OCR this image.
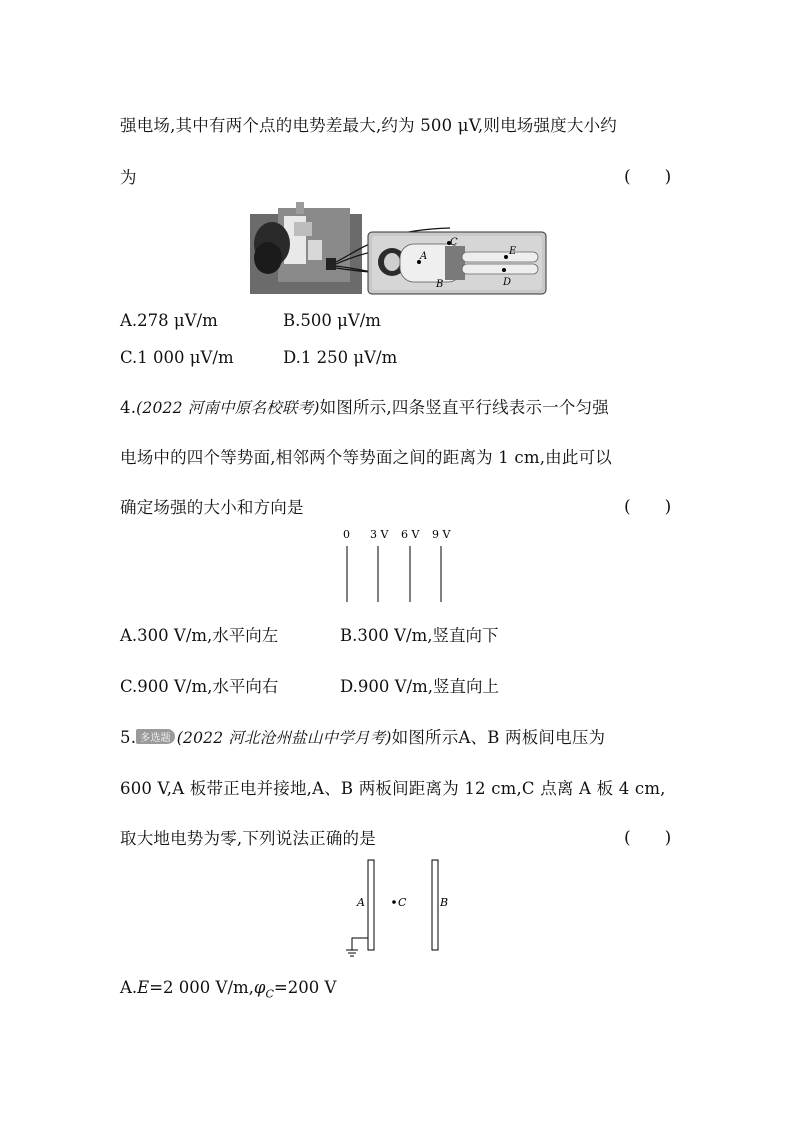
强电场,其中有两个点的电势差最大,约为 500 μV,则电场强度大小约
为	(　　)
A
B
C
D
E
A.278 μV/m	B.500 μV/m
C.1 000 μV/m	D.1 250 μV/m
4.(2022 河南中原名校联考)如图所示,四条竖直平行线表示一个匀强
电场中的四个等势面,相邻两个等势面之间的距离为 1 cm,由此可以
确定场强的大小和方向是	(　　)
0 3 V 6 V 9 V
A.300 V/m,水平向左	B.300 V/m,竖直向下
C.900 V/m,水平向右	D.900 V/m,竖直向上
5. 多选题 (2022 河北沧州盐山中学月考)如图所示A、B 两板间电压为
600 V,A 板带正电并接地,A、B 两板间距离为 12 cm,C 点离 A 板 4 cm,
取大地电势为零,下列说法正确的是	(　　)
A	C	B
A.E=2 000 $V/m,\varphi_C=200$ V
